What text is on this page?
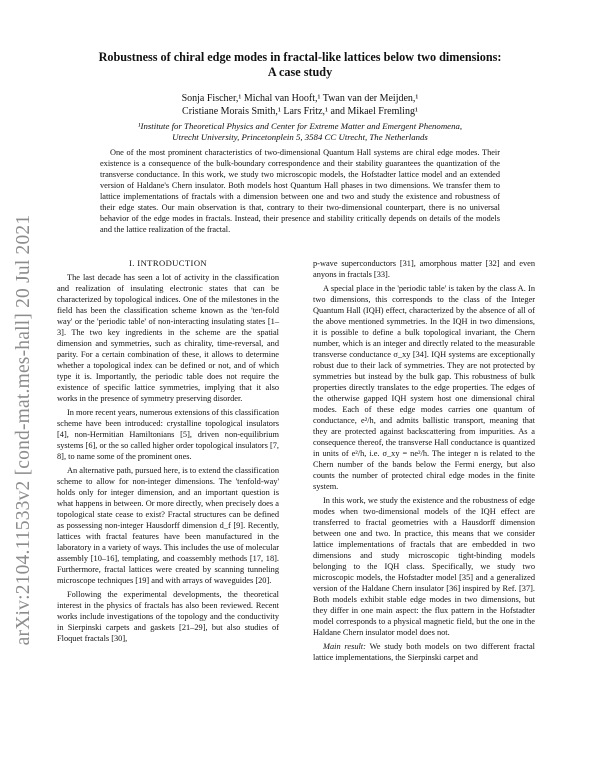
arXiv:2104.11533v2 [cond-mat.mes-hall] 20 Jul 2021
Robustness of chiral edge modes in fractal-like lattices below two dimensions:
A case study
Sonja Fischer,¹ Michal van Hooft,¹ Twan van der Meijden,¹
Cristiane Morais Smith,¹ Lars Fritz,¹ and Mikael Fremling¹
¹Institute for Theoretical Physics and Center for Extreme Matter and Emergent Phenomena,
Utrecht University, Princetonplein 5, 3584 CC Utrecht, The Netherlands
One of the most prominent characteristics of two-dimensional Quantum Hall systems are chiral edge modes. Their existence is a consequence of the bulk-boundary correspondence and their stability guarantees the quantization of the transverse conductance. In this work, we study two microscopic models, the Hofstadter lattice model and an extended version of Haldane's Chern insulator. Both models host Quantum Hall phases in two dimensions. We transfer them to lattice implementations of fractals with a dimension between one and two and study the existence and robustness of their edge states. Our main observation is that, contrary to their two-dimensional counterpart, there is no universal behavior of the edge modes in fractals. Instead, their presence and stability critically depends on details of the models and the lattice realization of the fractal.

I. INTRODUCTION

The last decade has seen a lot of activity in the classification and realization of insulating electronic states that can be characterized by topological indices. One of the milestones in the field has been the classification scheme known as the 'ten-fold way' or the 'periodic table' of non-interacting insulating states [1–3]. The two key ingredients in the scheme are the spatial dimension and symmetries, such as chirality, time-reversal, and parity. For a certain combination of these, it allows to determine whether a topological index can be defined or not, and of which type it is. Importantly, the periodic table does not require the existence of specific lattice symmetries, implying that it also works in the presence of symmetry preserving disorder.

In more recent years, numerous extensions of this classification scheme have been introduced: crystalline topological insulators [4], non-Hermitian Hamiltonians [5], driven non-equilibrium systems [6], or the so called higher order topological insulators [7, 8], to name some of the prominent ones.

An alternative path, pursued here, is to extend the classification scheme to allow for non-integer dimensions. The 'tenfold-way' holds only for integer dimension, and an important question is what happens in between. Or more directly, when precisely does a topological state cease to exist? Fractal structures can be defined as possessing non-integer Hausdorff dimension d_f [9]. Recently, lattices with fractal features have been manufactured in the laboratory in a variety of ways. This includes the use of molecular assembly [10–16], templating, and coassembly methods [17, 18]. Furthermore, fractal lattices were created by scanning tunneling microscope techniques [19] and with arrays of waveguides [20].

Following the experimental developments, the theoretical interest in the physics of fractals has also been reviewed. Recent works include investigations of the topology and the conductivity in Sierpinski carpets and gaskets [21–29], but also studies of Floquet fractals [30],

p-wave superconductors [31], amorphous matter [32] and even anyons in fractals [33].

A special place in the 'periodic table' is taken by the class A. In two dimensions, this corresponds to the class of the Integer Quantum Hall (IQH) effect, characterized by the absence of all of the above mentioned symmetries. In the IQH in two dimensions, it is possible to define a bulk topological invariant, the Chern number, which is an integer and directly related to the measurable transverse conductance σ_xy [34]. IQH systems are exceptionally robust due to their lack of symmetries. They are not protected by symmetries but instead by the bulk gap. This robustness of bulk properties directly translates to the edge properties. The edges of the otherwise gapped IQH system host one dimensional chiral modes. Each of these edge modes carries one quantum of conductance, e²/h, and admits ballistic transport, meaning that they are protected against backscattering from impurities. As a consequence thereof, the transverse Hall conductance is quantized in units of e²/h, i.e. σ_xy = ne²/h. The integer n is related to the Chern number of the bands below the Fermi energy, but also counts the number of protected chiral edge modes in the finite system.

In this work, we study the existence and the robustness of edge modes when two-dimensional models of the IQH effect are transferred to fractal geometries with a Hausdorff dimension between one and two. In practice, this means that we consider lattice implementations of fractals that are embedded in two dimensions and study microscopic tight-binding models belonging to the IQH class. Specifically, we study two microscopic models, the Hofstadter model [35] and a generalized version of the Haldane Chern insulator [36] inspired by Ref. [37]. Both models exhibit stable edge modes in two dimensions, but they differ in one main aspect: the flux pattern in the Hofstadter model corresponds to a physical magnetic field, but the one in the Haldane Chern insulator model does not.

Main result: We study both models on two different fractal lattice implementations, the Sierpinski carpet and
